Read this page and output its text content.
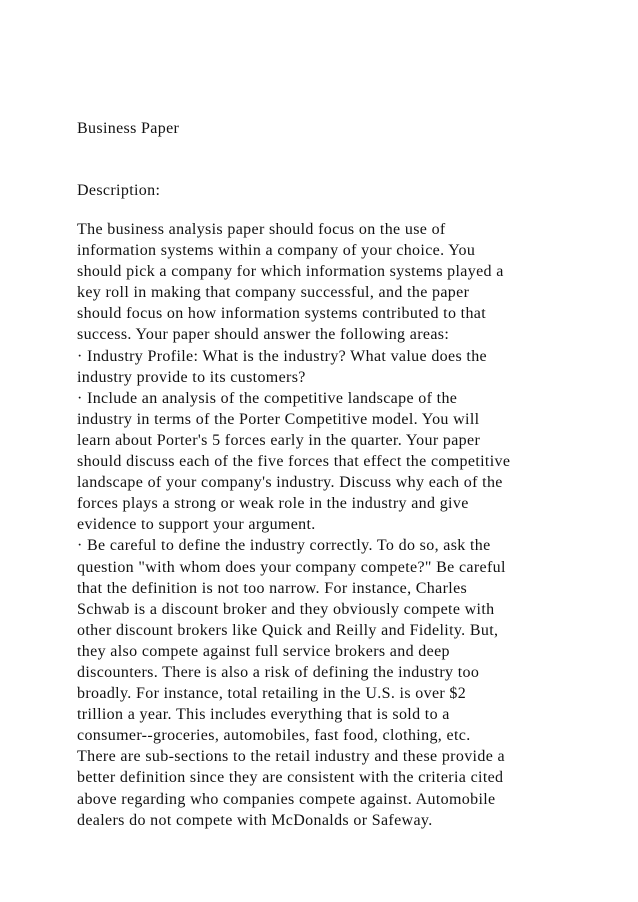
Business Paper
Description:
The business analysis paper should focus on the use of
information systems within a company of your choice. You
should pick a company for which information systems played a
key roll in making that company successful, and the paper
should focus on how information systems contributed to that
success. Your paper should answer the following areas:
· Industry Profile: What is the industry? What value does the
industry provide to its customers?
· Include an analysis of the competitive landscape of the
industry in terms of the Porter Competitive model. You will
learn about Porter's 5 forces early in the quarter. Your paper
should discuss each of the five forces that effect the competitive
landscape of your company's industry. Discuss why each of the
forces plays a strong or weak role in the industry and give
evidence to support your argument.
· Be careful to define the industry correctly. To do so, ask the
question "with whom does your company compete?" Be careful
that the definition is not too narrow. For instance, Charles
Schwab is a discount broker and they obviously compete with
other discount brokers like Quick and Reilly and Fidelity. But,
they also compete against full service brokers and deep
discounters. There is also a risk of defining the industry too
broadly. For instance, total retailing in the U.S. is over $2
trillion a year. This includes everything that is sold to a
consumer--groceries, automobiles, fast food, clothing, etc.
There are sub-sections to the retail industry and these provide a
better definition since they are consistent with the criteria cited
above regarding who companies compete against. Automobile
dealers do not compete with McDonalds or Safeway.
